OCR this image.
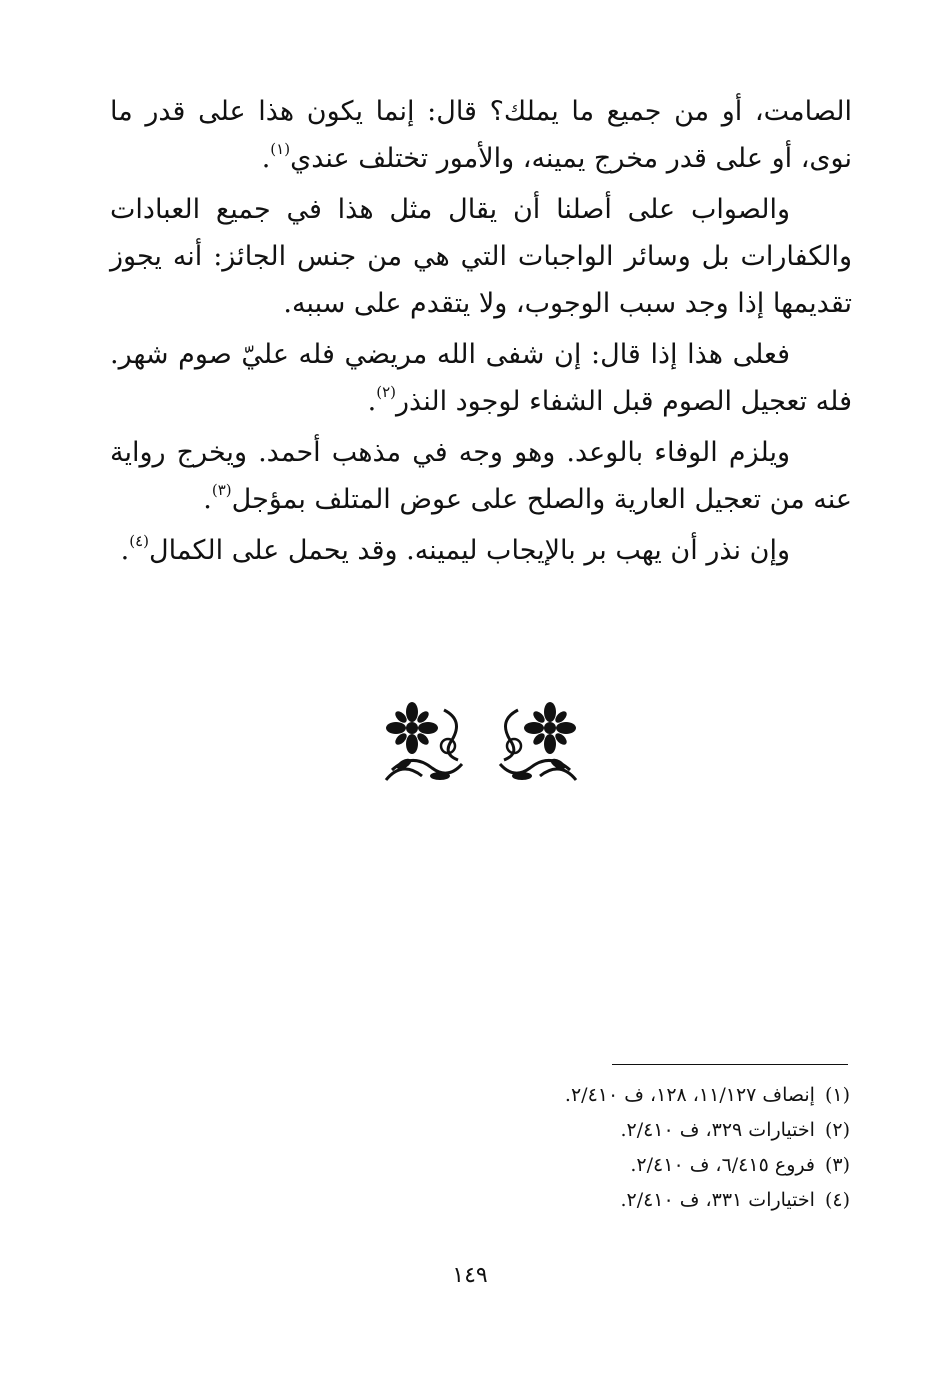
الصامت، أو من جميع ما يملك؟ قال: إنما يكون هذا على قدر ما نوى، أو على قدر مخرج يمينه، والأمور تختلف عندي$^{(١)}$.

والصواب على أصلنا أن يقال مثل هذا في جميع العبادات والكفارات بل وسائر الواجبات التي هي من جنس الجائز: أنه يجوز تقديمها إذا وجد سبب الوجوب، ولا يتقدم على سببه.

فعلى هذا إذا قال: إن شفى الله مريضي فله عليّ صوم شهر. فله تعجيل الصوم قبل الشفاء لوجود النذر$^{(٢)}$.

ويلزم الوفاء بالوعد. وهو وجه في مذهب أحمد. ويخرج رواية عنه من تعجيل العارية والصلح على عوض المتلف بمؤجل$^{(٣)}$.

وإن نذر أن يهب بر بالإيجاب ليمينه. وقد يحمل على الكمال$^{(٤)}$.

(١)إنصاف ١١/١٢٧، ١٢٨، ف ٢/٤١٠.
(٢)اختيارات ٣٢٩، ف ٢/٤١٠.
(٣)فروع ٦/٤١٥، ف ٢/٤١٠.
(٤)اختيارات ٣٣١، ف ٢/٤١٠.
١٤٩
